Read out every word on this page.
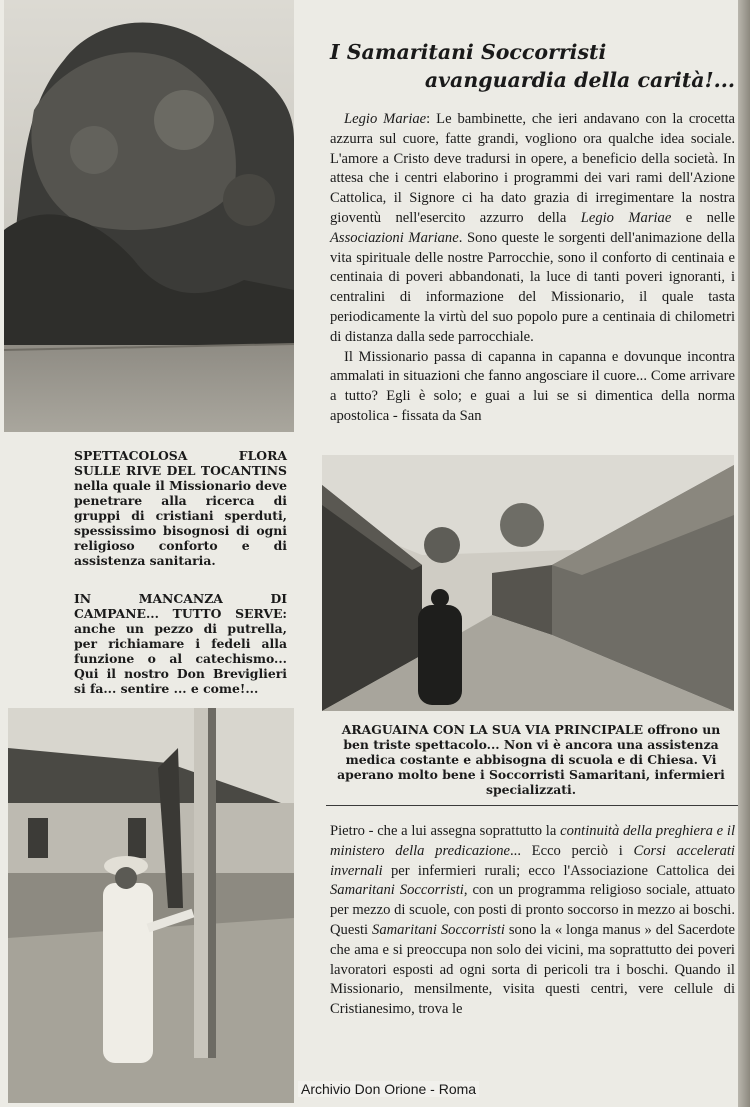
I Samaritani Soccorristi
avanguardia della carità!...

Legio Mariae: Le bambinette, che ieri andavano con la crocetta azzurra sul cuore, fatte grandi, vogliono ora qualche idea sociale. L'amore a Cristo deve tradursi in opere, a beneficio della società. In attesa che i centri elaborino i programmi dei vari rami dell'Azione Cattolica, il Signore ci ha dato grazia di irregimentare la nostra gioventù nell'esercito azzurro della Legio Mariae e nelle Associazioni Mariane. Sono queste le sorgenti dell'animazione della vita spirituale delle nostre Parrocchie, sono il conforto di centinaia e centinaia di poveri abbandonati, la luce di tanti poveri ignoranti, i centralini di informazione del Missionario, il quale tasta periodicamente la virtù del suo popolo pure a centinaia di chilometri di distanza dalla sede parrocchiale.

Il Missionario passa di capanna in capanna e dovunque incontra ammalati in situazioni che fanno angosciare il cuore... Come arrivare a tutto? Egli è solo; e guai a lui se si dimentica della norma apostolica - fissata da San

SPETTACOLOSA FLORA SULLE RIVE DEL TOCANTINS nella quale il Missionario deve penetrare alla ricerca di gruppi di cristiani sperduti, spessissimo bisognosi di ogni religioso conforto e di assistenza sanitaria.
IN MANCANZA DI CAMPANE... TUTTO SERVE: anche un pezzo di putrella, per richiamare i fedeli alla funzione o al catechismo... Qui il nostro Don Breviglieri si fa... sentire ... e come!...
ARAGUAINA CON LA SUA VIA PRINCIPALE offrono un ben triste spettacolo... Non vi è ancora una assistenza medica costante e abbisogna di scuola e di Chiesa. Vi aperano molto bene i Soccorristi Samaritani, infermieri specializzati.

Pietro - che a lui assegna soprattutto la continuità della preghiera e il ministero della predicazione... Ecco perciò i Corsi accelerati invernali per infermieri rurali; ecco l'Associazione Cattolica dei Samaritani Soccorristi, con un programma religioso sociale, attuato per mezzo di scuole, con posti di pronto soccorso in mezzo ai boschi. Questi Samaritani Soccorristi sono la « longa manus » del Sacerdote che ama e si preoccupa non solo dei vicini, ma soprattutto dei poveri lavoratori esposti ad ogni sorta di pericoli tra i boschi. Quando il Missionario, mensilmente, visita questi centri, vere cellule di Cristianesimo, trova le

Archivio Don Orione - Roma
